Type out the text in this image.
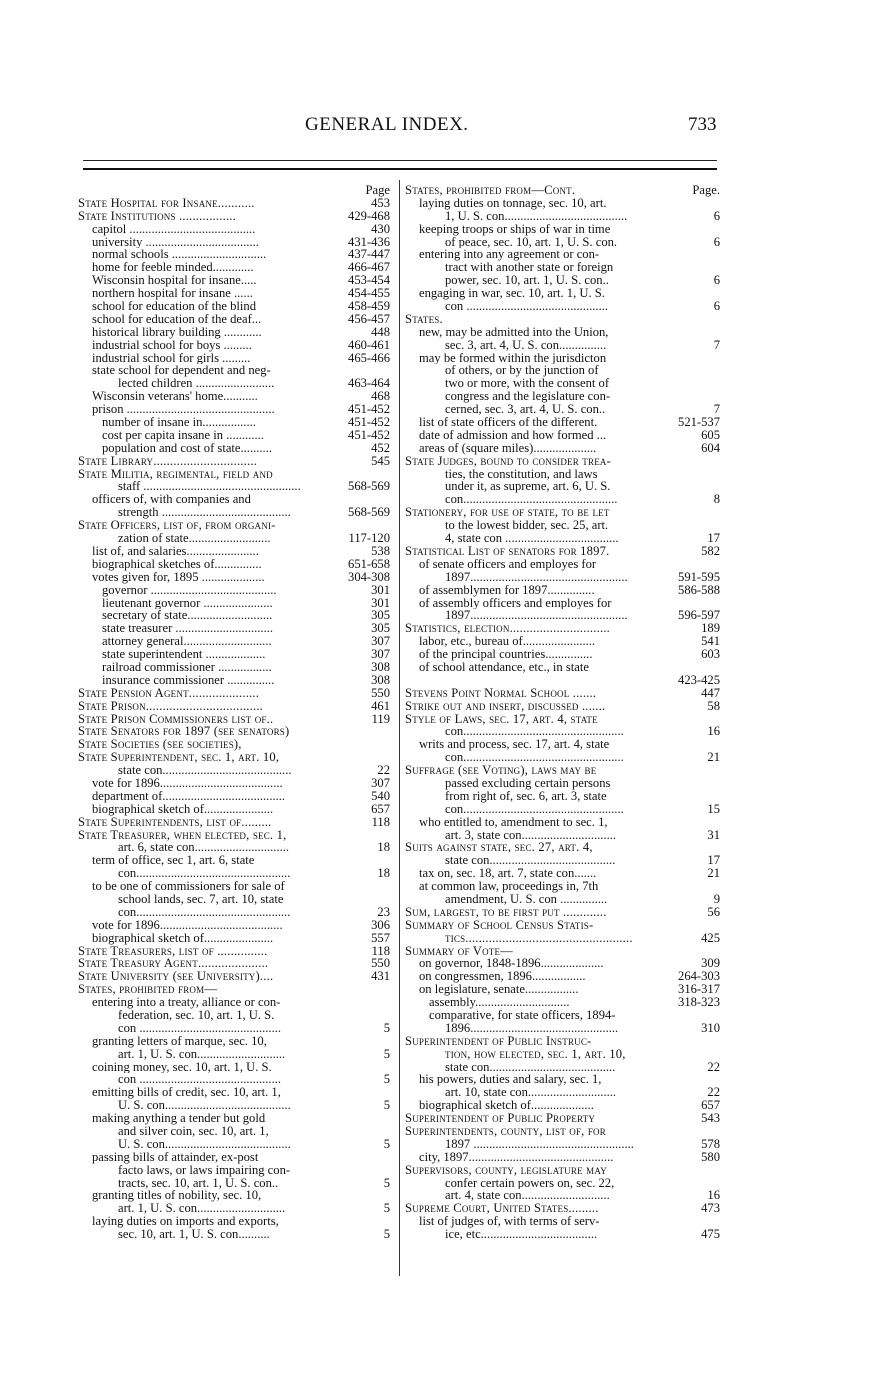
GENERAL INDEX.	733
Page
State Hospital for Insane...........	453
State Institutions .................	429-468
capitol ........................................	430
university ....................................	431-436
normal schools ..............................	437-447
home for feeble minded.............	466-467
Wisconsin hospital for insane.....	453-454
northern hospital for insane ......	454-455
school for education of the blind	458-459
school for education of the deaf...	456-457
historical library building ............	448
industrial school for boys .........	460-461
industrial school for girls .........	465-466
state school for dependent and neg-
lected children .........................	463-464
Wisconsin veterans' home...........	468
prison ...............................................	451-452
number of insane in.................	451-452
cost per capita insane in ............	451-452
population and cost of state..........	452
State Library...............................	545
State Militia, regimental, field and
staff ..................................................	568-569
officers of, with companies and
strength .........................................	568-569
State Officers, list of, from organi-
zation of state..........................	117-120
list of, and salaries.......................	538
biographical sketches of...............	651-658
votes given for, 1895 ....................	304-308
governor ........................................	301
lieutenant governor ......................	301
secretary of state...........................	305
state treasurer ...............................	305
attorney general............................	307
state superintendent ...................	307
railroad commissioner .................	308
insurance commissioner ...............	308
State Pension Agent.....................	550
State Prison...................................	461
State Prison Commissioners list of..	119
State Senators for 1897 (see senators)
State Societies (see societies),
State Superintendent, sec. 1, art. 10,
state con.........................................	22
vote for 1896.......................................	307
department of.......................................	540
biographical sketch of......................	657
State Superintendents, list of.........	118
State Treasurer, when elected, sec. 1,
art. 6, state con..............................	18
term of office, sec 1, art. 6, state
con.................................................	18
to be one of commissioners for sale of
school lands, sec. 7, art. 10, state
con.................................................	23
vote for 1896.......................................	306
biographical sketch of......................	557
State Treasurers, list of ...............	118
State Treasury Agent.....................	550
State University (see University)....	431
States, prohibited from—
entering into a treaty, alliance or con-
federation, sec. 10, art. 1, U. S.
con .............................................	5
granting letters of marque, sec. 10,
art. 1, U. S. con............................	5
coining money, sec. 10, art. 1, U. S.
con .............................................	5
emitting bills of credit, sec. 10, art. 1,
U. S. con........................................	5
making anything a tender but gold
and silver coin, sec. 10, art. 1,
U. S. con........................................	5
passing bills of attainder, ex-post
facto laws, or laws impairing con-
tracts, sec. 10, art. 1, U. S. con..	5
granting titles of nobility, sec. 10,
art. 1, U. S. con............................	5
laying duties on imports and exports,
sec. 10, art. 1, U. S. con..........	5
States, prohibited from—Cont.	Page.
laying duties on tonnage, sec. 10, art.
1, U. S. con.......................................	6
keeping troops or ships of war in time
of peace, sec. 10, art. 1, U. S. con.	6
entering into any agreement or con-
tract with another state or foreign
power, sec. 10, art. 1, U. S. con..	6
engaging in war, sec. 10, art. 1, U. S.
con .............................................	6
States.
new, may be admitted into the Union,
sec. 3, art. 4, U. S. con...............	7
may be formed within the jurisdicton
of others, or by the junction of
two or more, with the consent of
congress and the legislature con-
cerned, sec. 3, art. 4, U. S. con..	7
list of state officers of the different.	521-537
date of admission and how formed ...	605
areas of (square miles)....................	604
State Judges, bound to consider trea-
ties, the constitution, and laws
under it, as supreme, art. 6, U. S.
con.................................................	8
Stationery, for use of state, to be let
to the lowest bidder, sec. 25, art.
4, state con ....................................	17
Statistical List of senators for 1897.	582
of senate officers and employes for
1897..................................................	591-595
of assemblymen for 1897...............	586-588
of assembly officers and employes for
1897..................................................	596-597
Statistics, election..............................	189
labor, etc., bureau of.......................	541
of the principal countries...............	603
of school attendance, etc., in state
423-425
Stevens Point Normal School .......	447
Strike out and insert, discussed .......	58
Style of Laws, sec. 17, art. 4, state
con...................................................	16
writs and process, sec. 17, art. 4, state
con...................................................	21
Suffrage (see Voting), laws may be
passed excluding certain persons
from right of, sec. 6, art. 3, state
con...................................................	15
who entitled to, amendment to sec. 1,
art. 3, state con..............................	31
Suits against state, sec. 27, art. 4,
state con........................................	17
tax on, sec. 18, art. 7, state con.......	21
at common law, proceedings in, 7th
amendment, U. S. con ...............	9
Sum, largest, to be first put .............	56
Summary of School Census Statis-
tics..................................................	425
Summary of Vote—
on governor, 1848-1896....................	309
on congressmen, 1896.................	264-303
on legislature, senate.................	316-317
assembly..............................	318-323
comparative, for state officers, 1894-
1896...............................................	310
Superintendent of Public Instruc-
tion, how elected, sec. 1, art. 10,
state con........................................	22
his powers, duties and salary, sec. 1,
art. 10, state con............................	22
biographical sketch of....................	657
Superintendent of Public Property	543
Superintendents, county, list of, for
1897 ...................................................	578
city, 1897..............................................	580
Supervisors, county, legislature may
confer certain powers on, sec. 22,
art. 4, state con............................	16
Supreme Court, United States.........	473
list of judges of, with terms of serv-
ice, etc.....................................	475
